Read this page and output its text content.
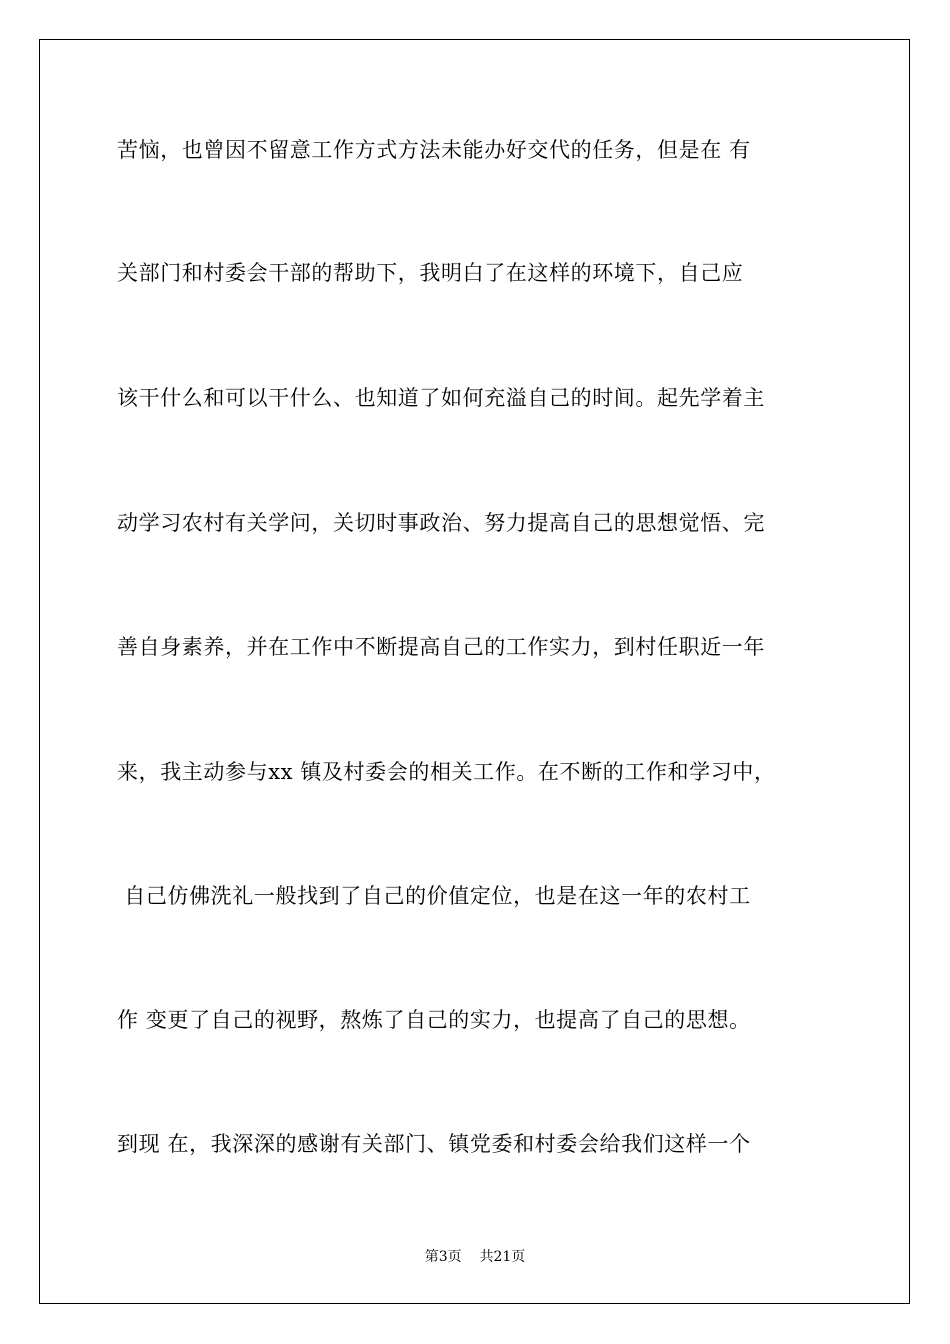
苦恼，也曾因不留意工作方式方法未能办好交代的任务，但是在 有
关部门和村委会干部的帮助下，我明白了在这样的环境下，自己应
该干什么和可以干什么、也知道了如何充溢自己的时间。起先学着主
动学习农村有关学问，关切时事政治、努力提高自己的思想觉悟、完
善自身素养，并在工作中不断提高自己的工作实力，到村任职近一年
来，我主动参与xx 镇及村委会的相关工作。在不断的工作和学习中，
自己仿佛洗礼一般找到了自己的价值定位，也是在这一年的农村工
作 变更了自己的视野，熬炼了自己的实力，也提高了自己的思想。
到现 在，我深深的感谢有关部门、镇党委和村委会给我们这样一个
第3页 共21页
